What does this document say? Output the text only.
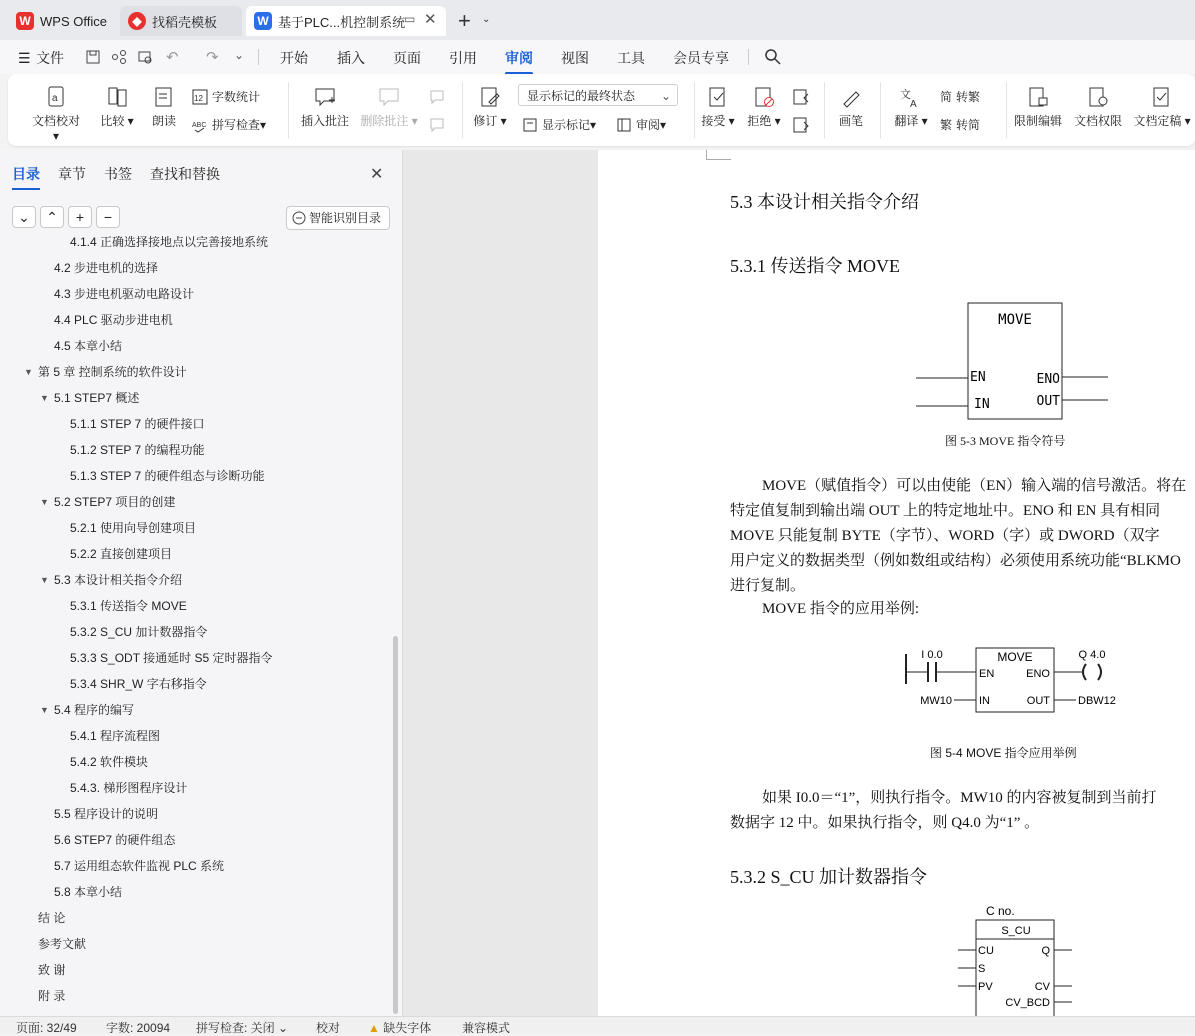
W WPS Office	◆ 找稻壳模板	W 基于PLC...机控制系统
▭ ✕ + ⌄
☰ 文件	↶ ↷ ⌄	开始 插入 页面 引用 审阅 视图 工具 会员专享
a
文档校对 ▾
比较 ▾	朗读
12 字数统计
ABC 拼写检查 ▾	插入批注 删除批注 ▾	修订 ▾
显示标记的最终状态 ⌄
显示标记 ▾	审阅 ▾	接受 ▾ 拒绝 ▾	画笔
文
A
翻译 ▾
简 转繁
繁 转简	限制编辑 文档权限 文档定稿 ▾
目录 章节 书签 查找和替换	✕
⌄ ⌃ + −	智能识别目录
4.1.4 正确选择接地点以完善接地系统
4.2 步进电机的选择
4.3 步进电机驱动电路设计
4.4 PLC 驱动步进电机
4.5 本章小结
▼ 第 5 章 控制系统的软件设计
▼ 5.1 STEP7 概述
5.1.1 STEP 7 的硬件接口
5.1.2 STEP 7 的编程功能
5.1.3 STEP 7 的硬件组态与诊断功能
▼ 5.2 STEP7 项目的创建
5.2.1 使用向导创建项目
5.2.2 直接创建项目
▼ 5.3 本设计相关指令介绍
5.3.1 传送指令 MOVE
5.3.2 S_CU 加计数器指令
5.3.3 S_ODT 接通延时 S5 定时器指令
5.3.4 SHR_W 字右移指令
▼ 5.4 程序的编写
5.4.1 程序流程图
5.4.2 软件模块
5.4.3. 梯形图程序设计
5.5 程序设计的说明
5.6 STEP7 的硬件组态
5.7 运用组态软件监视 PLC 系统
5.8 本章小结
结 论
参考文献
致 谢
附 录
5.3 本设计相关指令介绍
5.3.1 传送指令 MOVE
MOVE
EN
IN
ENO
OUT
图 5-3 MOVE 指令符号
MOVE（赋值指令）可以由使能（EN）输入端的信号激活。将在
特定值复制到输出端 OUT 上的特定地址中。ENO 和 EN 具有相同
MOVE 只能复制 BYTE（字节）、WORD（字）或 DWORD（双字
用户定义的数据类型（例如数组或结构）必须使用系统功能“BLKMO
进行复制。
MOVE 指令的应用举例:
I 0.0	MOVE
EN	ENO
IN	OUT
MW10
Q 4.0
DBW12
图 5-4 MOVE 指令应用举例
如果 I0.0＝“1”，则执行指令。MW10 的内容被复制到当前打
数据字 12 中。如果执行指令，则 Q4.0 为“1” 。
5.3.2 S_CU 加计数器指令
C no.
S_CU
CU
S
PV
Q
CV
CV_BCD
页面: 32/49 字数: 20094 拼写检查: 关闭 ⌄ 校对 ▲ 缺失字体	兼容模式
